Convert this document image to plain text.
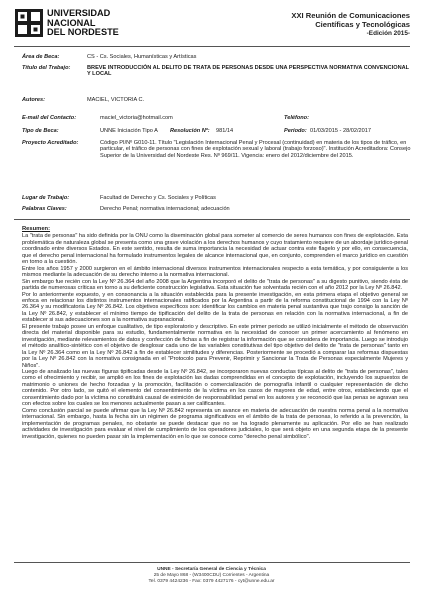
UNIVERSIDAD
NACIONAL
DEL NORDESTE
XXI Reunión de Comunicaciones
Científicas y Tecnológicas
-Edición 2015-
Área de Beca:	CS - Cs. Sociales, Humanísticas y Artísticas
Título del Trabajo:	BREVE INTRODUCCIÓN AL DELITO DE TRATA DE PERSONAS DESDE UNA PERSPECTIVA NORMATIVA CONVENCIONAL Y LOCAL
Autores:	MACIEL, VICTORIA C.
E-mail del Contacto:	maciel_victoria@hotmail.com	Teléfono:
Tipo de Beca:	UNNE Iniciación Tipo A Resolución Nº: 981/14	Período: 01/03/2015 - 28/02/2017
Proyecto Acreditado:	Código PI/Nº G010-11. Título "Legislación Internacional Penal y Procesal (continuidad) en materia de los tipos de tráfico, en particular, el tráfico de personas con fines de explotación sexual y laboral (trabajo forzoso)". Institución Acreditadora: Consejo Superior de la Universidad del Nordeste Res. Nº 969/11. Vigencia: enero del 2012/diciembre del 2015.
Lugar de Trabajo:	Facultad de Derecho y Cs. Sociales y Políticas
Palabras Claves:	Derecho Penal; normativa internacional; adecuación
Resumen:

La "trata de personas" ha sido definida por la ONU como la diseminación global para someter al comercio de seres humanos con fines de explotación. Esta problemática de naturaleza global se presenta como una grave violación a los derechos humanos y cuyo tratamiento requiere de un abordaje jurídico-penal coordinado entre diversos Estados. En este sentido, resulta de suma importancia la necesidad de actuar contra este flagelo y por ello, en consecuencia, que el derecho penal internacional ha formulado instrumentos legales de alcance internacional que, en conjunto, comprenden el marco jurídico en cuestión en torno a la cuestión.

Entre los años 1957 y 2000 surgieron en el ámbito internacional diversos instrumentos internacionales respecto a esta temática, y por consiguiente a los mismos mediante la adecuación de su derecho interno a la normativa internacional.

Sin embargo fue recién con la Ley Nº 26.364 del año 2008 que la Argentina incorporó el delito de "trata de personas" a su digesto punitivo, siendo ésta de partida de numerosas críticas en torno a su deficiente construcción legislativa. Esta situación fue solventada recién con el año 2012 por la Ley Nº 26.842.

Por lo anteriormente expuesto, y en consonancia a la situación establecida para la presente investigación, en esta primera etapa el objetivo general se enfoca en relacionar los distintos instrumentos internacionales ratificados por la Argentina a partir de la reforma constitucional de 1994 con la Ley Nº 26.364 y su modificatoria Ley Nº 26.842. Los objetivos específicos son: identificar los cambios en materia penal sustantiva que trajo consigo la sanción de la Ley Nº 26.842, y establecer el mínimo tiempo de tipificación del delito de la trata de personas en relación con la normativa internacional, a fin de establecer si sus adecuaciones son a la normativa supranacional.

El presente trabajo posee un enfoque cualitativo, de tipo exploratorio y descriptivo. En este primer periodo se utilizó inicialmente el método de observación directa del material disponible para su estudio, fundamentalmente normativa en la necesidad de conocer un primer acercamiento al fenómeno en investigación, mediante relevamientos de datos y confección de fichas a fin de registrar la información que se considera de importancia. Luego se introdujo el método analítico-sintético con el objetivo de desglosar cada uno de las variables constitutivas del tipo objetivo del delito de "trata de personas" tanto en la Ley Nº 26.364 como en la Ley Nº 26.842 a fin de establecer similitudes y diferencias. Posteriormente se procedió a comparar las reformas dispuestas por la Ley Nº 26.842 con la normativa consignada en el "Protocolo para Prevenir, Reprimir y Sancionar la Trata de Personas especialmente Mujeres y Niños".

Luego de analizado las nuevas figuras tipificadas desde la Ley Nº 26.842, se incorporaron nuevas conductas típicas al delito de "trata de personas", tales como el ofrecimiento y recibir, se amplió en los fines de explotación las dadas comprendidas en el concepto de explotación, incluyendo los supuestos de matrimonio o uniones de hecho forzadas y la promoción, facilitación o comercialización de pornografía infantil o cualquier representación de dicho contenido. Por otro lado, se quitó el elemento del consentimiento de la víctima en los casos de mayores de edad, entre otros, estableciendo que el consentimiento dado por la víctima no constituirá causal de eximición de responsabilidad penal en los autores y se reconoció que las penas se agravan sea con efectos sobre los cuales se los menores actualmente pasan a ser calificantes.

Como conclusión parcial se puede afirmar que la Ley Nº 26.842 representa un avance en materia de adecuación de nuestra norma penal a la normativa internacional. Sin embargo, hasta la fecha sin un régimen de programa significativos en el ámbito de la trata de personas, lo referido a la prevención, la implementación de programas penales, no obstante se puede destacar que no se ha logrado plenamente su aplicación. Por ello se han realizado actividades de investigación para evaluar el nivel de cumplimiento de los operadores judiciales, lo que será objeto en una segunda etapa de la presente investigación, quienes no pueden pasar sin la implementación en lo que se conoce como "derecho penal simbólico".

UNNE - Secretaría General de Ciencia y Técnica
25 de Mayo 868 - (W3400CDU) Corrientes - Argentina
Tel. 0379 4424236 - Fax: 0379 4427176 - cyt@unne.edu.ar
